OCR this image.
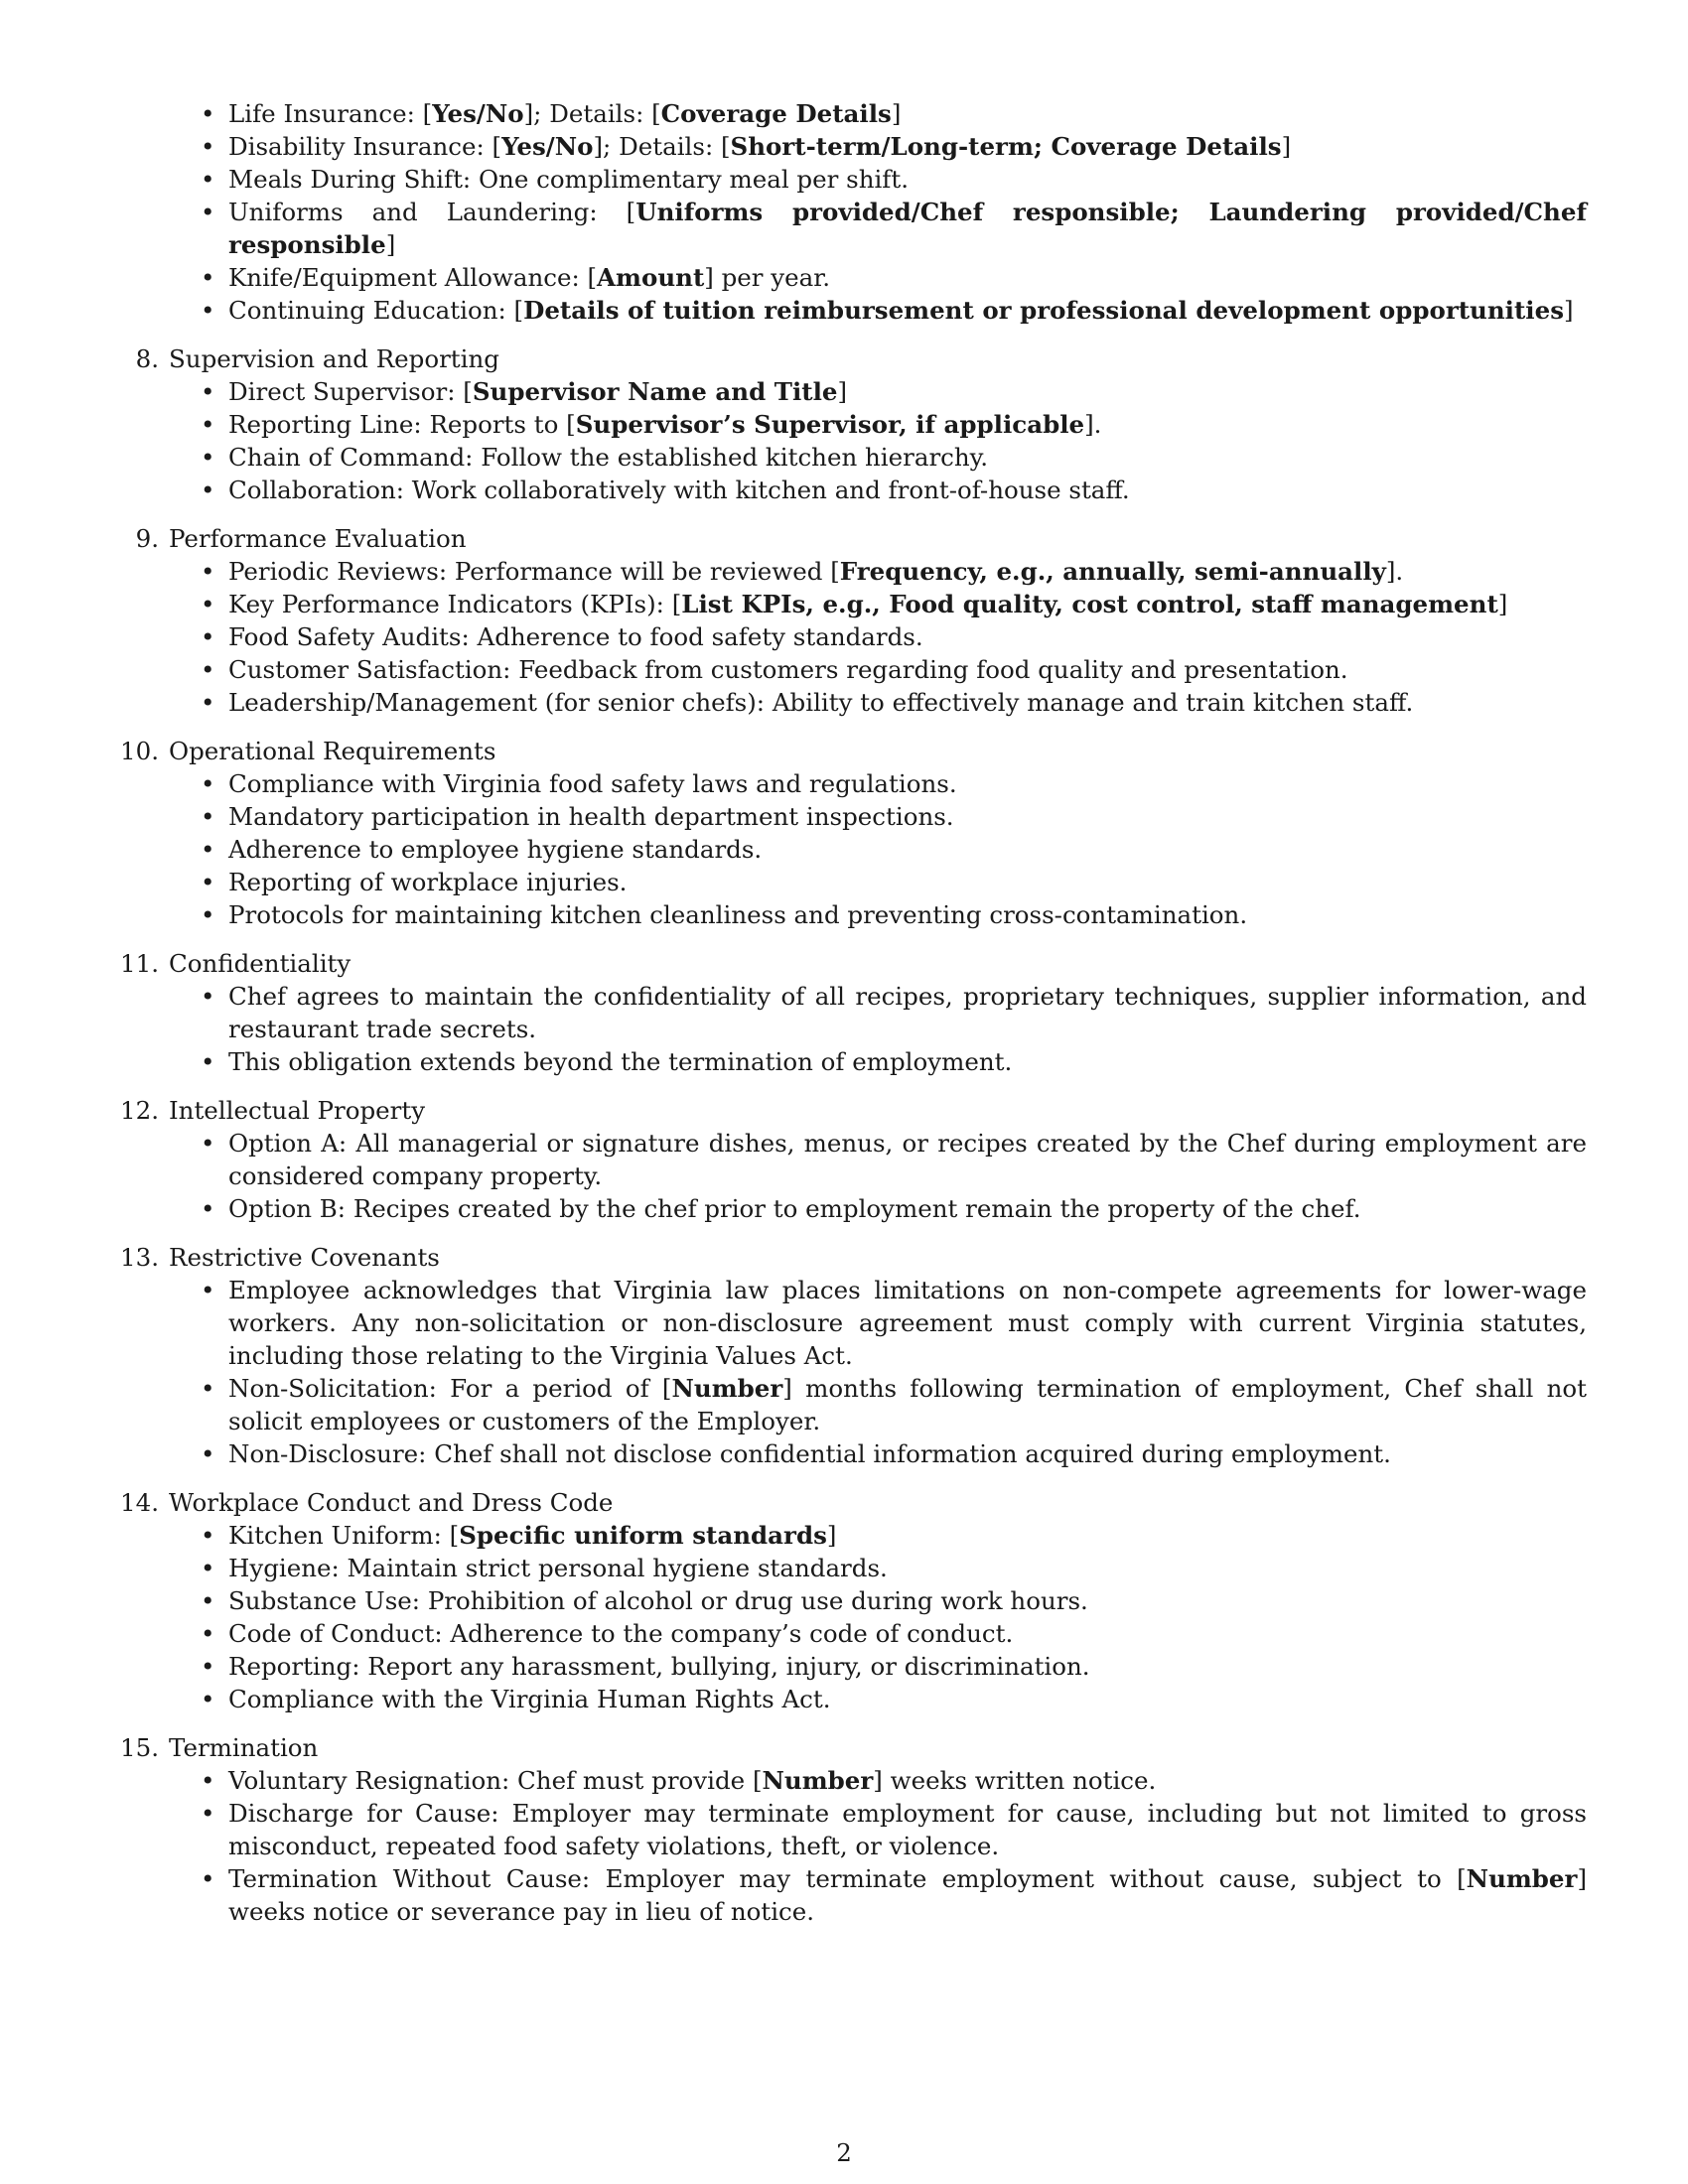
• Life Insurance: [Yes/No]; Details: [Coverage Details]
• Disability Insurance: [Yes/No]; Details: [Short-term/Long-term; Coverage Details]
• Meals During Shift: One complimentary meal per shift.
• Uniforms and Laundering: [Uniforms provided/Chef responsible; Laundering provided/Chef responsible]
• Knife/Equipment Allowance: [Amount] per year.
• Continuing Education: [Details of tuition reimbursement or professional development opportunities]
8. Supervision and Reporting
• Direct Supervisor: [Supervisor Name and Title]
• Reporting Line: Reports to [Supervisor’s Supervisor, if applicable].
• Chain of Command: Follow the established kitchen hierarchy.
• Collaboration: Work collaboratively with kitchen and front-of-house staff.
9. Performance Evaluation
• Periodic Reviews: Performance will be reviewed [Frequency, e.g., annually, semi-annually].
• Key Performance Indicators (KPIs): [List KPIs, e.g., Food quality, cost control, staff management]
• Food Safety Audits: Adherence to food safety standards.
• Customer Satisfaction: Feedback from customers regarding food quality and presentation.
• Leadership/Management (for senior chefs): Ability to effectively manage and train kitchen staff.
10. Operational Requirements
• Compliance with Virginia food safety laws and regulations.
• Mandatory participation in health department inspections.
• Adherence to employee hygiene standards.
• Reporting of workplace injuries.
• Protocols for maintaining kitchen cleanliness and preventing cross-contamination.
11. Confidentiality
• Chef agrees to maintain the confidentiality of all recipes, proprietary techniques, supplier information, and restaurant trade secrets.
• This obligation extends beyond the termination of employment.
12. Intellectual Property
• Option A: All managerial or signature dishes, menus, or recipes created by the Chef during employment are considered company property.
• Option B: Recipes created by the chef prior to employment remain the property of the chef.
13. Restrictive Covenants
• Employee acknowledges that Virginia law places limitations on non-compete agreements for lower-wage workers. Any non-solicitation or non-disclosure agreement must comply with current Virginia statutes, including those relating to the Virginia Values Act.
• Non-Solicitation: For a period of [Number] months following termination of employment, Chef shall not solicit employees or customers of the Employer.
• Non-Disclosure: Chef shall not disclose confidential information acquired during employment.
14. Workplace Conduct and Dress Code
• Kitchen Uniform: [Specific uniform standards]
• Hygiene: Maintain strict personal hygiene standards.
• Substance Use: Prohibition of alcohol or drug use during work hours.
• Code of Conduct: Adherence to the company’s code of conduct.
• Reporting: Report any harassment, bullying, injury, or discrimination.
• Compliance with the Virginia Human Rights Act.
15. Termination
• Voluntary Resignation: Chef must provide [Number] weeks written notice.
• Discharge for Cause: Employer may terminate employment for cause, including but not limited to gross misconduct, repeated food safety violations, theft, or violence.
• Termination Without Cause: Employer may terminate employment without cause, subject to [Number] weeks notice or severance pay in lieu of notice.
2
